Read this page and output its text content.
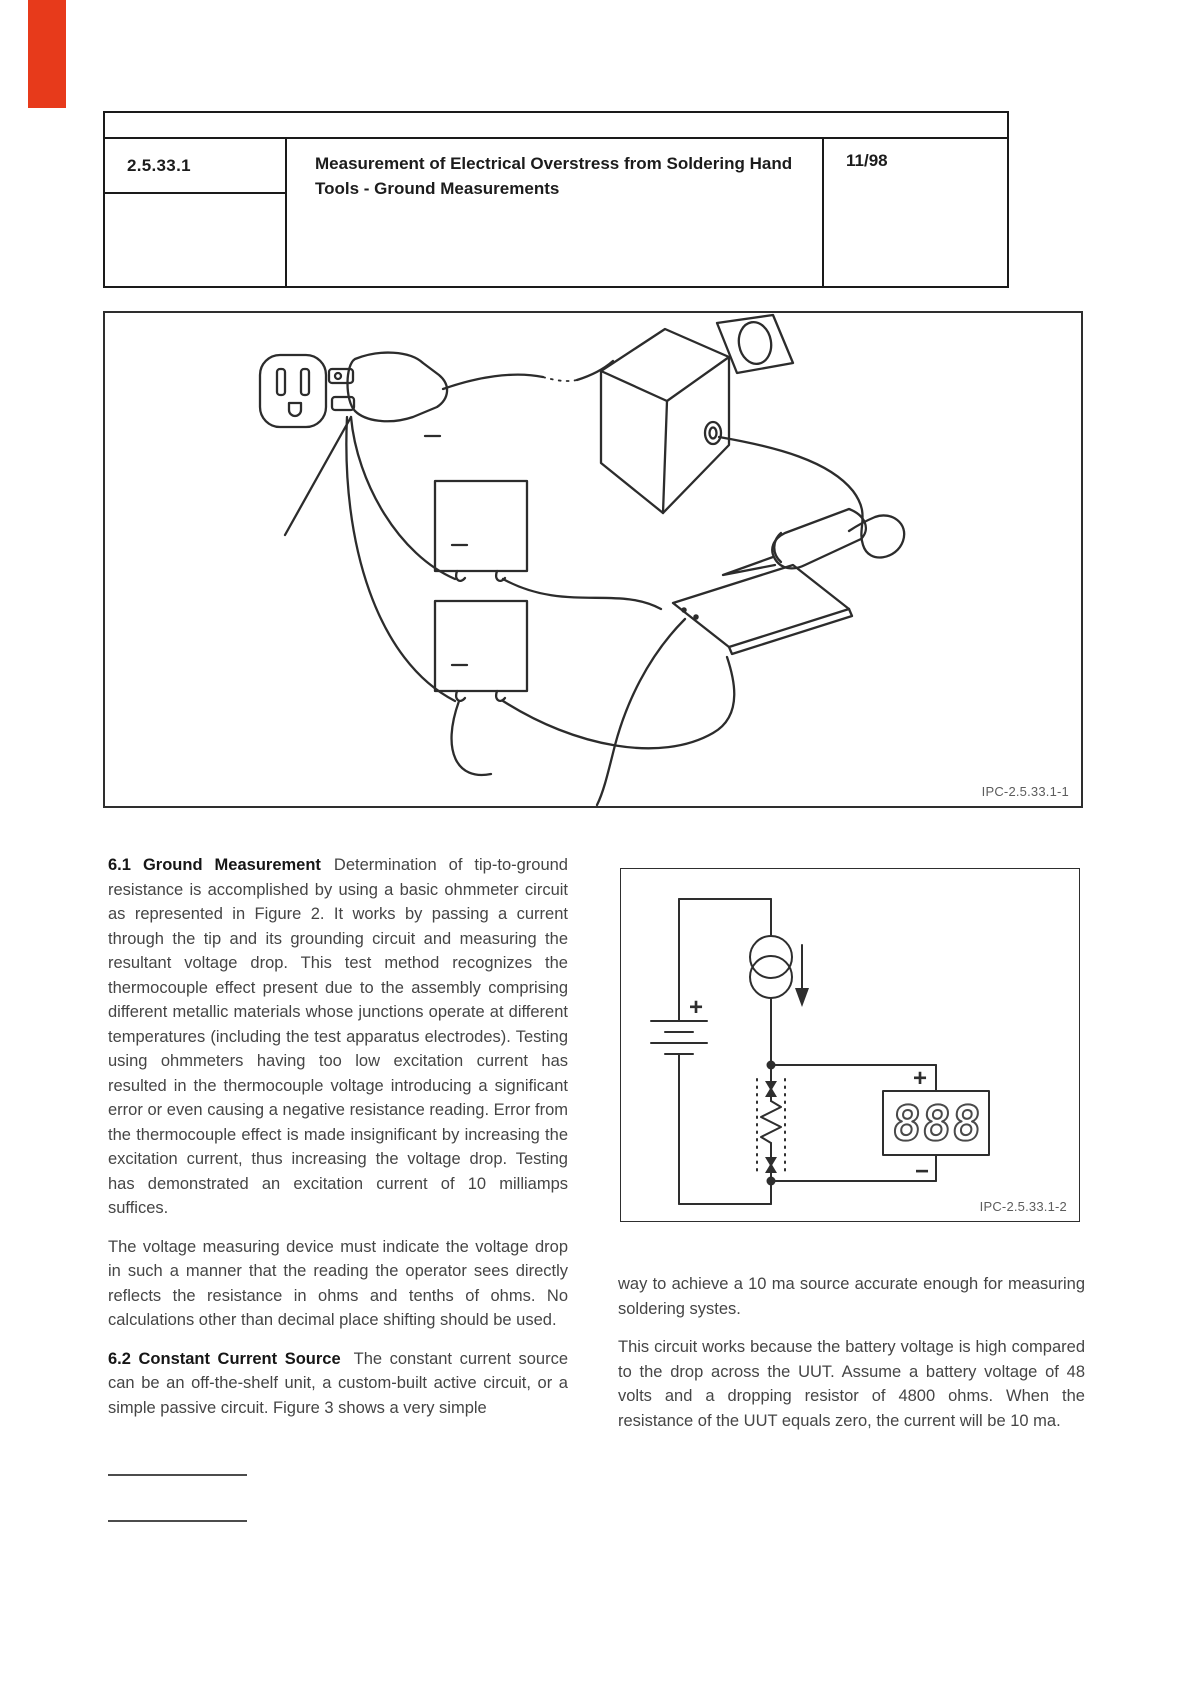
2.5.33.1	Measurement of Electrical Overstress from Soldering Hand Tools - Ground Measurements
11/98
IPC-2.5.33.1-1
+
888
+
−
IPC-2.5.33.1-2

6.1 Ground Measurement Determination of tip-to-ground resistance is accomplished by using a basic ohmmeter circuit as represented in Figure 2. It works by passing a current through the tip and its grounding circuit and measuring the resultant voltage drop. This test method recognizes the thermocouple effect present due to the assembly comprising different metallic materials whose junctions operate at different temperatures (including the test apparatus electrodes). Testing using ohmmeters having too low excitation current has resulted in the thermocouple voltage introducing a significant error or even causing a negative resistance reading. Error from the thermocouple effect is made insignificant by increasing the excitation current, thus increasing the voltage drop. Testing has demonstrated an excitation current of 10 milliamps suffices.

The voltage measuring device must indicate the voltage drop in such a manner that the reading the operator sees directly reflects the resistance in ohms and tenths of ohms. No calculations other than decimal place shifting should be used.

6.2 Constant Current Source The constant current source can be an off-the-shelf unit, a custom-built active circuit, or a simple passive circuit. Figure 3 shows a very simple

way to achieve a 10 ma source accurate enough for measuring soldering systes.

This circuit works because the battery voltage is high compared to the drop across the UUT. Assume a battery voltage of 48 volts and a dropping resistor of 4800 ohms. When the resistance of the UUT equals zero, the current will be 10 ma.
